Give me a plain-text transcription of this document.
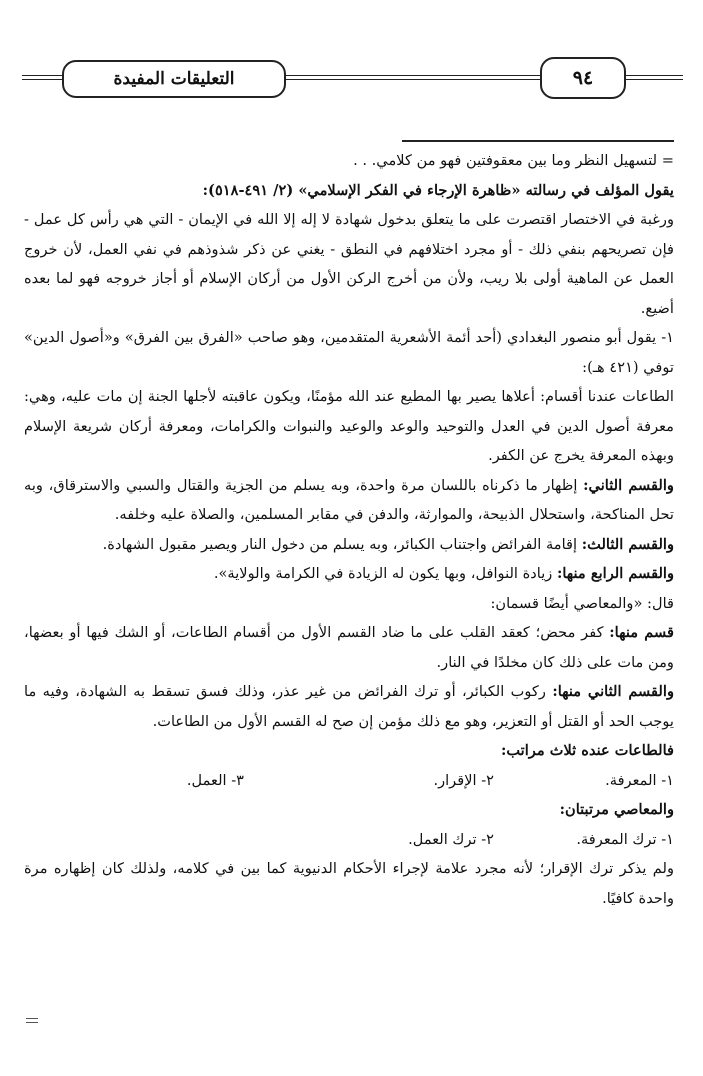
التعليقات المفيدة	٩٤

= لتسهيل النظر وما بين معقوفتين فهو من كلامي. . .

يقول المؤلف في رسالته «ظاهرة الإرجاء في الفكر الإسلامي» (٢/ ٤٩١-٥١٨):

ورغبة في الاختصار اقتصرت على ما يتعلق بدخول شهادة لا إله إلا الله في الإيمان - التي هي رأس كل عمل - فإن تصريحهم بنفي ذلك - أو مجرد اختلافهم في النطق - يغني عن ذكر شذوذهم في نفي العمل، لأن خروج العمل عن الماهية أولى بلا ريب، ولأن من أخرج الركن الأول من أركان الإسلام أو أجاز خروجه فهو لما بعده أضيع.

١- يقول أبو منصور البغدادي (أحد أئمة الأشعرية المتقدمين، وهو صاحب «الفرق بين الفرق» و«أصول الدين» توفي (٤٢١ هـ):

الطاعات عندنا أقسام: أعلاها يصير بها المطيع عند الله مؤمنًا، ويكون عاقبته لأجلها الجنة إن مات عليه، وهي: معرفة أصول الدين في العدل والتوحيد والوعد والوعيد والنبوات والكرامات، ومعرفة أركان شريعة الإسلام وبهذه المعرفة يخرج عن الكفر.

والقسم الثاني: إظهار ما ذكرناه باللسان مرة واحدة، وبه يسلم من الجزية والقتال والسبي والاسترقاق، وبه تحل المناكحة، واستحلال الذبيحة، والموارثة، والدفن في مقابر المسلمين، والصلاة عليه وخلفه.

والقسم الثالث: إقامة الفرائض واجتناب الكبائر، وبه يسلم من دخول النار ويصير مقبول الشهادة.

والقسم الرابع منها: زيادة النوافل، وبها يكون له الزيادة في الكرامة والولاية».

قال: «والمعاصي أيضًا قسمان:

قسم منها: كفر محض؛ كعقد القلب على ما ضاد القسم الأول من أقسام الطاعات، أو الشك فيها أو بعضها، ومن مات على ذلك كان مخلدًا في النار.

والقسم الثاني منها: ركوب الكبائر، أو ترك الفرائض من غير عذر، وذلك فسق تسقط به الشهادة، وفيه ما يوجب الحد أو القتل أو التعزير، وهو مع ذلك مؤمن إن صح له القسم الأول من الطاعات.

فالطاعات عنده ثلاث مراتب:

١- المعرفة.
٢- الإقرار.
٣- العمل.

والمعاصي مرتبتان:

١- ترك المعرفة.
٢- ترك العمل.

ولم يذكر ترك الإقرار؛ لأنه مجرد علامة لإجراء الأحكام الدنيوية كما بين في كلامه، ولذلك كان إظهاره مرة واحدة كافيًا.
